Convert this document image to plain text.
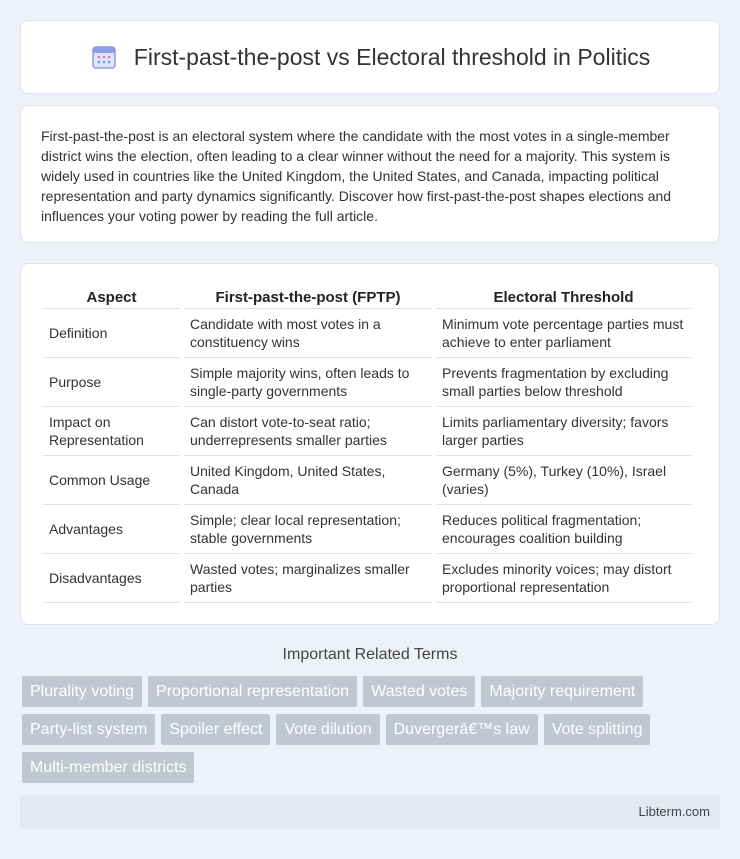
First-past-the-post vs Electoral threshold in Politics

First-past-the-post is an electoral system where the candidate with the most votes in a single-member district wins the election, often leading to a clear winner without the need for a majority. This system is widely used in countries like the United Kingdom, the United States, and Canada, impacting political representation and party dynamics significantly. Discover how first-past-the-post shapes elections and influences your voting power by reading the full article.

Aspect	First-past-the-post (FPTP)	Electoral Threshold
Definition	Candidate with most votes in a constituency wins	Minimum vote percentage parties must achieve to enter parliament
Purpose	Simple majority wins, often leads to single-party governments	Prevents fragmentation by excluding small parties below threshold
Impact on Representation	Can distort vote-to-seat ratio; underrepresents smaller parties	Limits parliamentary diversity; favors larger parties
Common Usage	United Kingdom, United States, Canada	Germany (5%), Turkey (10%), Israel (varies)
Advantages	Simple; clear local representation; stable governments	Reduces political fragmentation; encourages coalition building
Disadvantages	Wasted votes; marginalizes smaller parties	Excludes minority voices; may distort proportional representation
Important Related Terms
Plurality voting	Proportional representation	Wasted votes	Majority requirement
Party-list system	Spoiler effect	Vote dilution	Duvergerâ€™s law	Vote splitting
Multi-member districts
Libterm.com
